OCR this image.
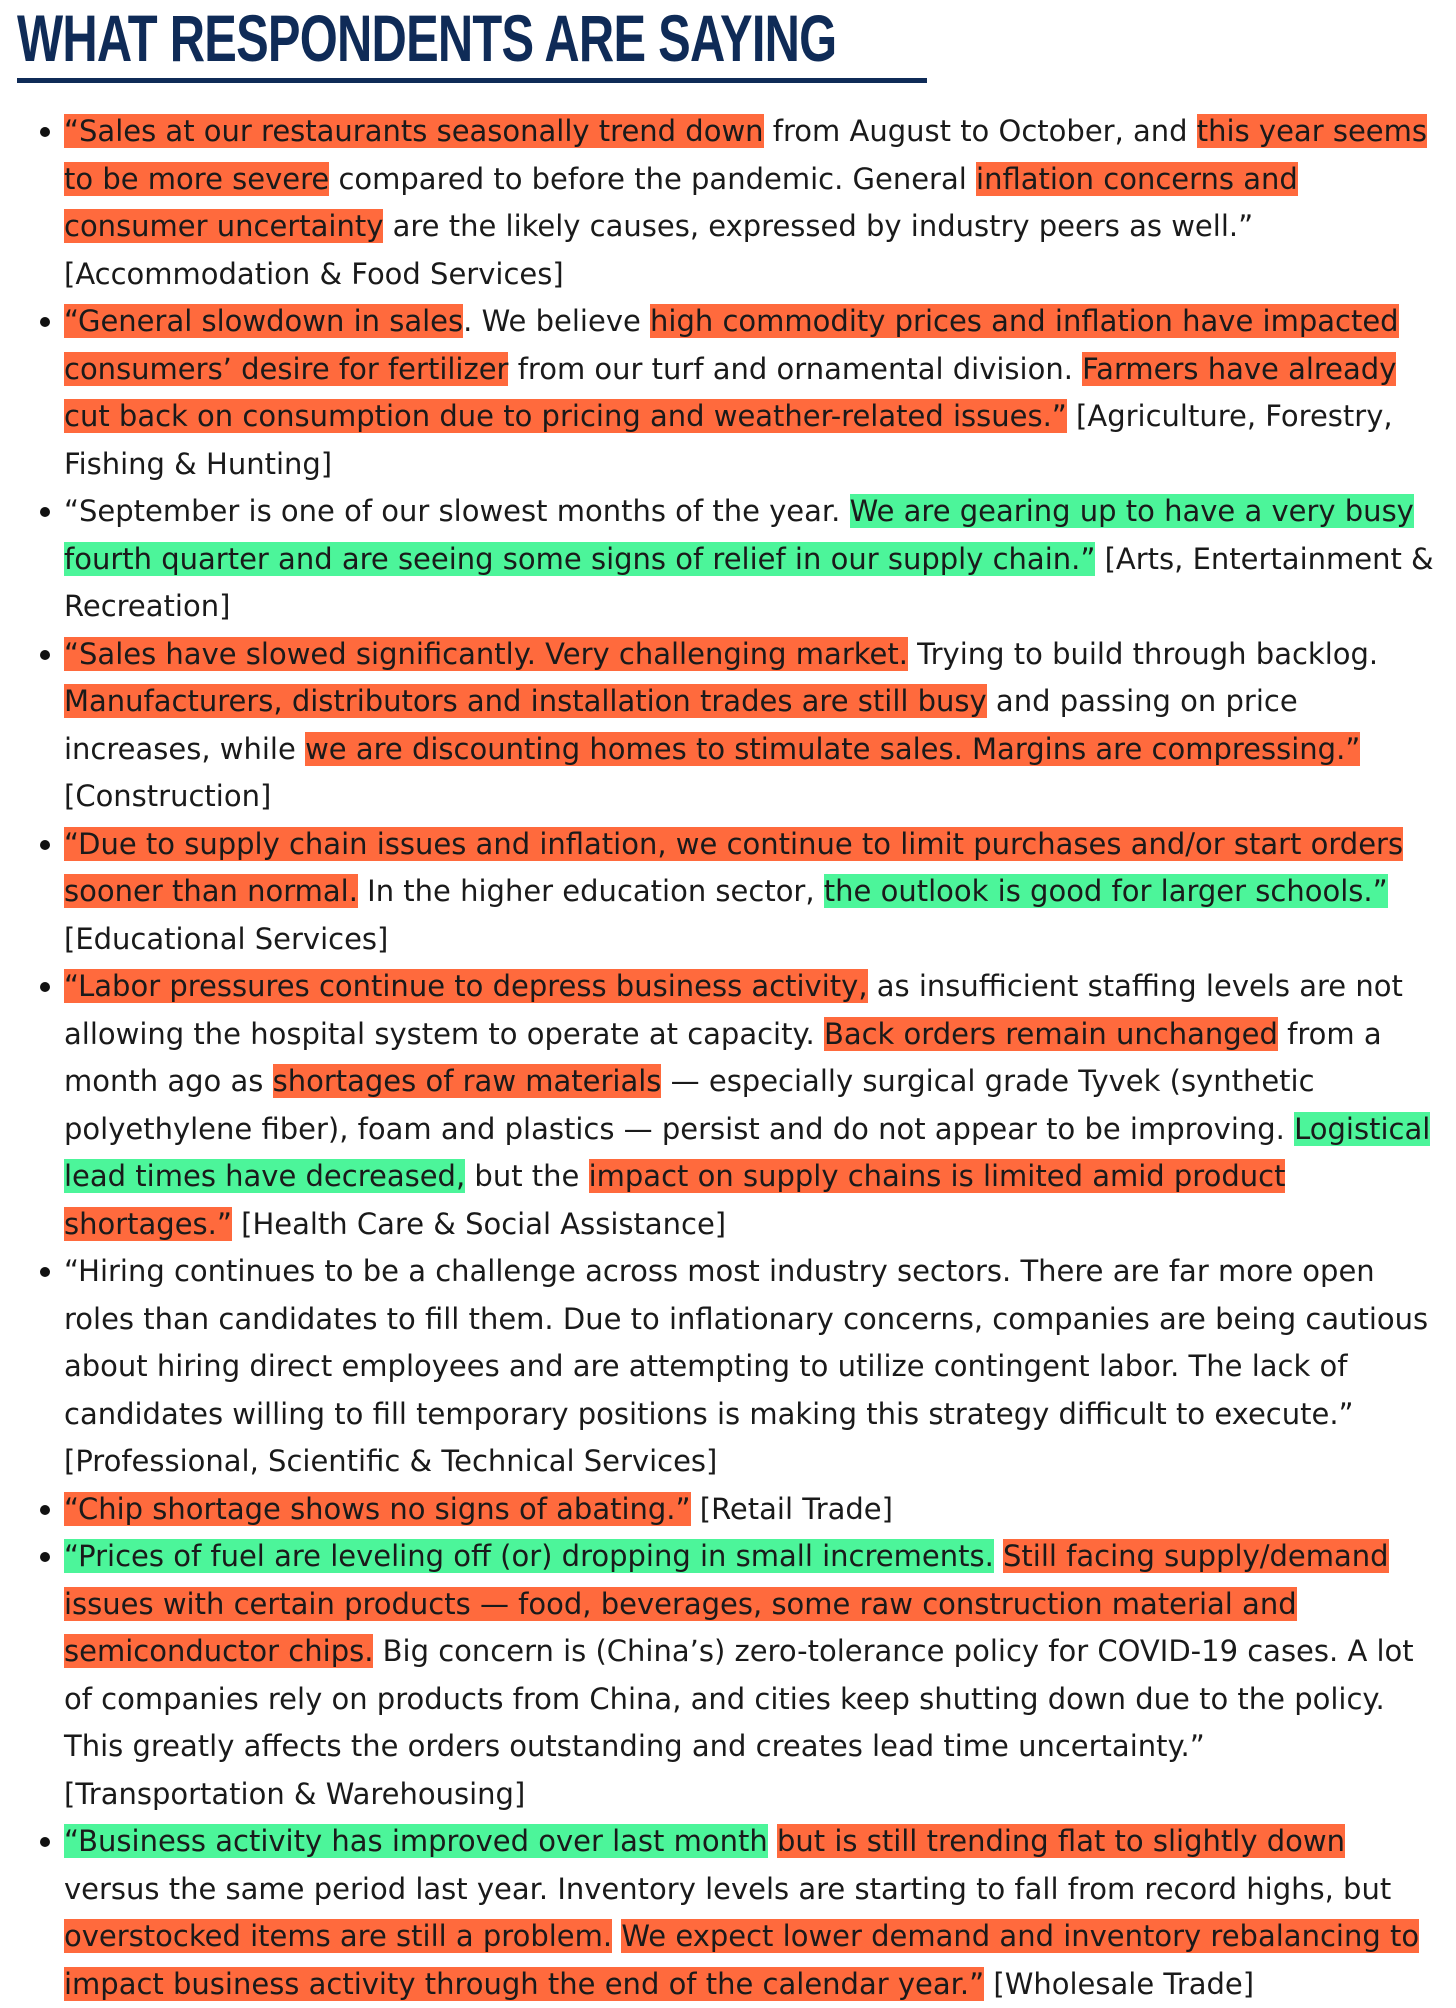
WHAT RESPONDENTS ARE SAYING
“Sales at our restaurants seasonally trend down from August to October, and this year seems to be more severe compared to before the pandemic. General inflation concerns and consumer uncertainty are the likely causes, expressed by industry peers as well.” [Accommodation & Food Services]
“General slowdown in sales. We believe high commodity prices and inflation have impacted consumers’ desire for fertilizer from our turf and ornamental division. Farmers have already cut back on consumption due to pricing and weather-related issues.” [Agriculture, Forestry, Fishing & Hunting]
“September is one of our slowest months of the year. We are gearing up to have a very busy fourth quarter and are seeing some signs of relief in our supply chain.” [Arts, Entertainment & Recreation]
“Sales have slowed significantly. Very challenging market. Trying to build through backlog. Manufacturers, distributors and installation trades are still busy and passing on price increases, while we are discounting homes to stimulate sales. Margins are compressing.” [Construction]
“Due to supply chain issues and inflation, we continue to limit purchases and/or start orders sooner than normal. In the higher education sector, the outlook is good for larger schools.” [Educational Services]
“Labor pressures continue to depress business activity, as insufficient staffing levels are not allowing the hospital system to operate at capacity. Back orders remain unchanged from a month ago as shortages of raw materials — especially surgical grade Tyvek (synthetic polyethylene fiber), foam and plastics — persist and do not appear to be improving. Logistical lead times have decreased, but the impact on supply chains is limited amid product shortages.” [Health Care & Social Assistance]
“Hiring continues to be a challenge across most industry sectors. There are far more open roles than candidates to fill them. Due to inflationary concerns, companies are being cautious about hiring direct employees and are attempting to utilize contingent labor. The lack of candidates willing to fill temporary positions is making this strategy difficult to execute.” [Professional, Scientific & Technical Services]
“Chip shortage shows no signs of abating.” [Retail Trade]
“Prices of fuel are leveling off (or) dropping in small increments. Still facing supply/demand issues with certain products — food, beverages, some raw construction material and semiconductor chips. Big concern is (China’s) zero-tolerance policy for COVID-19 cases. A lot of companies rely on products from China, and cities keep shutting down due to the policy. This greatly affects the orders outstanding and creates lead time uncertainty.” [Transportation & Warehousing]
“Business activity has improved over last month but is still trending flat to slightly down versus the same period last year. Inventory levels are starting to fall from record highs, but overstocked items are still a problem. We expect lower demand and inventory rebalancing to impact business activity through the end of the calendar year.” [Wholesale Trade]
